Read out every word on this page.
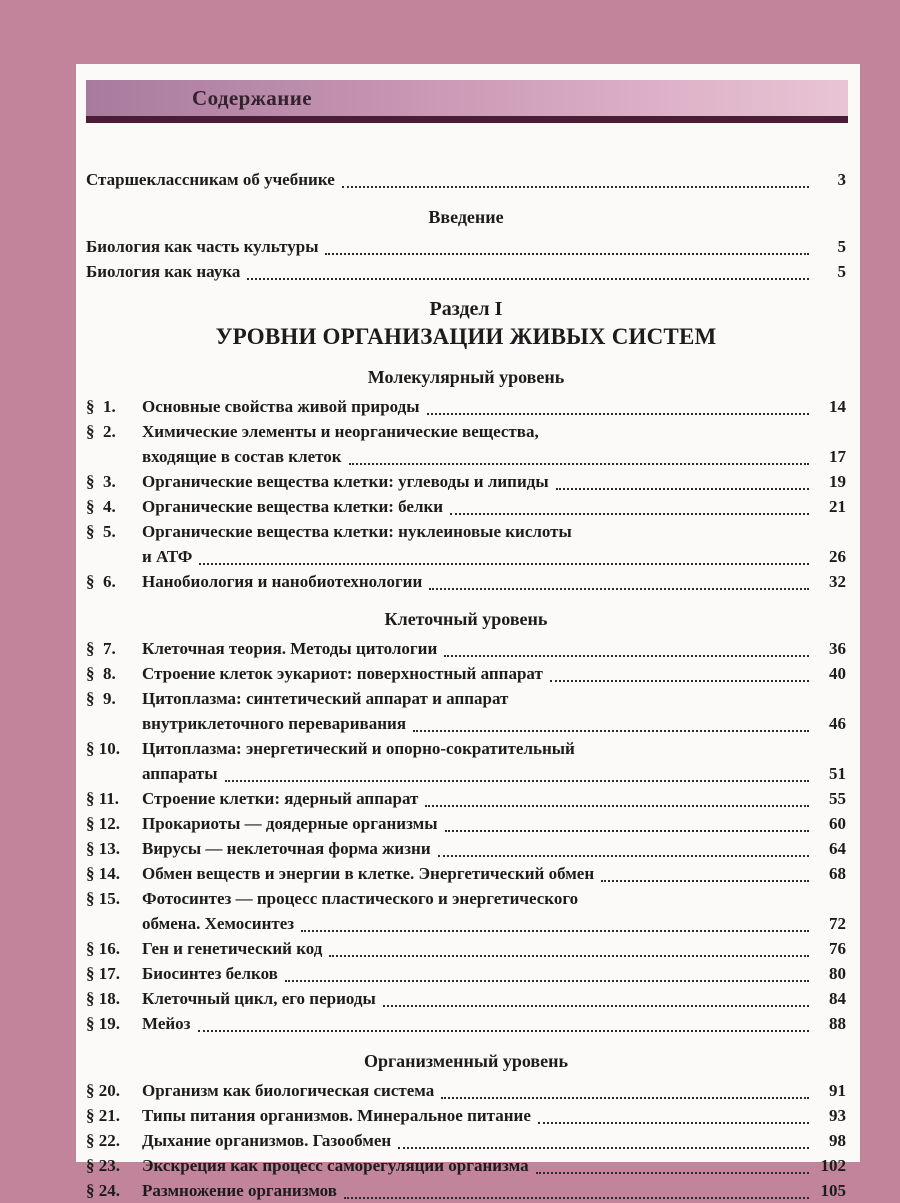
Содержание
Старшеклассникам об учебнике	3
Введение
Биология как часть культуры	5
Биология как наука	5
Раздел I
УРОВНИ ОРГАНИЗАЦИИ ЖИВЫХ СИСТЕМ
Молекулярный уровень
§  1.	Основные свойства живой природы	14
§  2.	Химические элементы и неорганические вещества,
входящие в состав клеток	17
§  3.	Органические вещества клетки: углеводы и липиды	19
§  4.	Органические вещества клетки: белки	21
§  5.	Органические вещества клетки: нуклеиновые кислоты
и АТФ	26
§  6.	Нанобиология и нанобиотехнологии	32
Клеточный уровень
§  7.	Клеточная теория. Методы цитологии	36
§  8.	Строение клеток эукариот: поверхностный аппарат	40
§  9.	Цитоплазма: синтетический аппарат и аппарат
внутриклеточного переваривания	46
§ 10.	Цитоплазма: энергетический и опорно-сократительный
аппараты	51
§ 11.	Строение клетки: ядерный аппарат	55
§ 12.	Прокариоты — доядерные организмы	60
§ 13.	Вирусы — неклеточная форма жизни	64
§ 14.	Обмен веществ и энергии в клетке. Энергетический обмен	68
§ 15.	Фотосинтез — процесс пластического и энергетического
обмена. Хемосинтез	72
§ 16.	Ген и генетический код	76
§ 17.	Биосинтез белков	80
§ 18.	Клеточный цикл, его периоды	84
§ 19.	Мейоз	88
Организменный уровень
§ 20.	Организм как биологическая система	91
§ 21.	Типы питания организмов. Минеральное питание	93
§ 22.	Дыхание организмов. Газообмен	98
§ 23.	Экскреция как процесс саморегуляции организма	102
§ 24.	Размножение организмов	105
